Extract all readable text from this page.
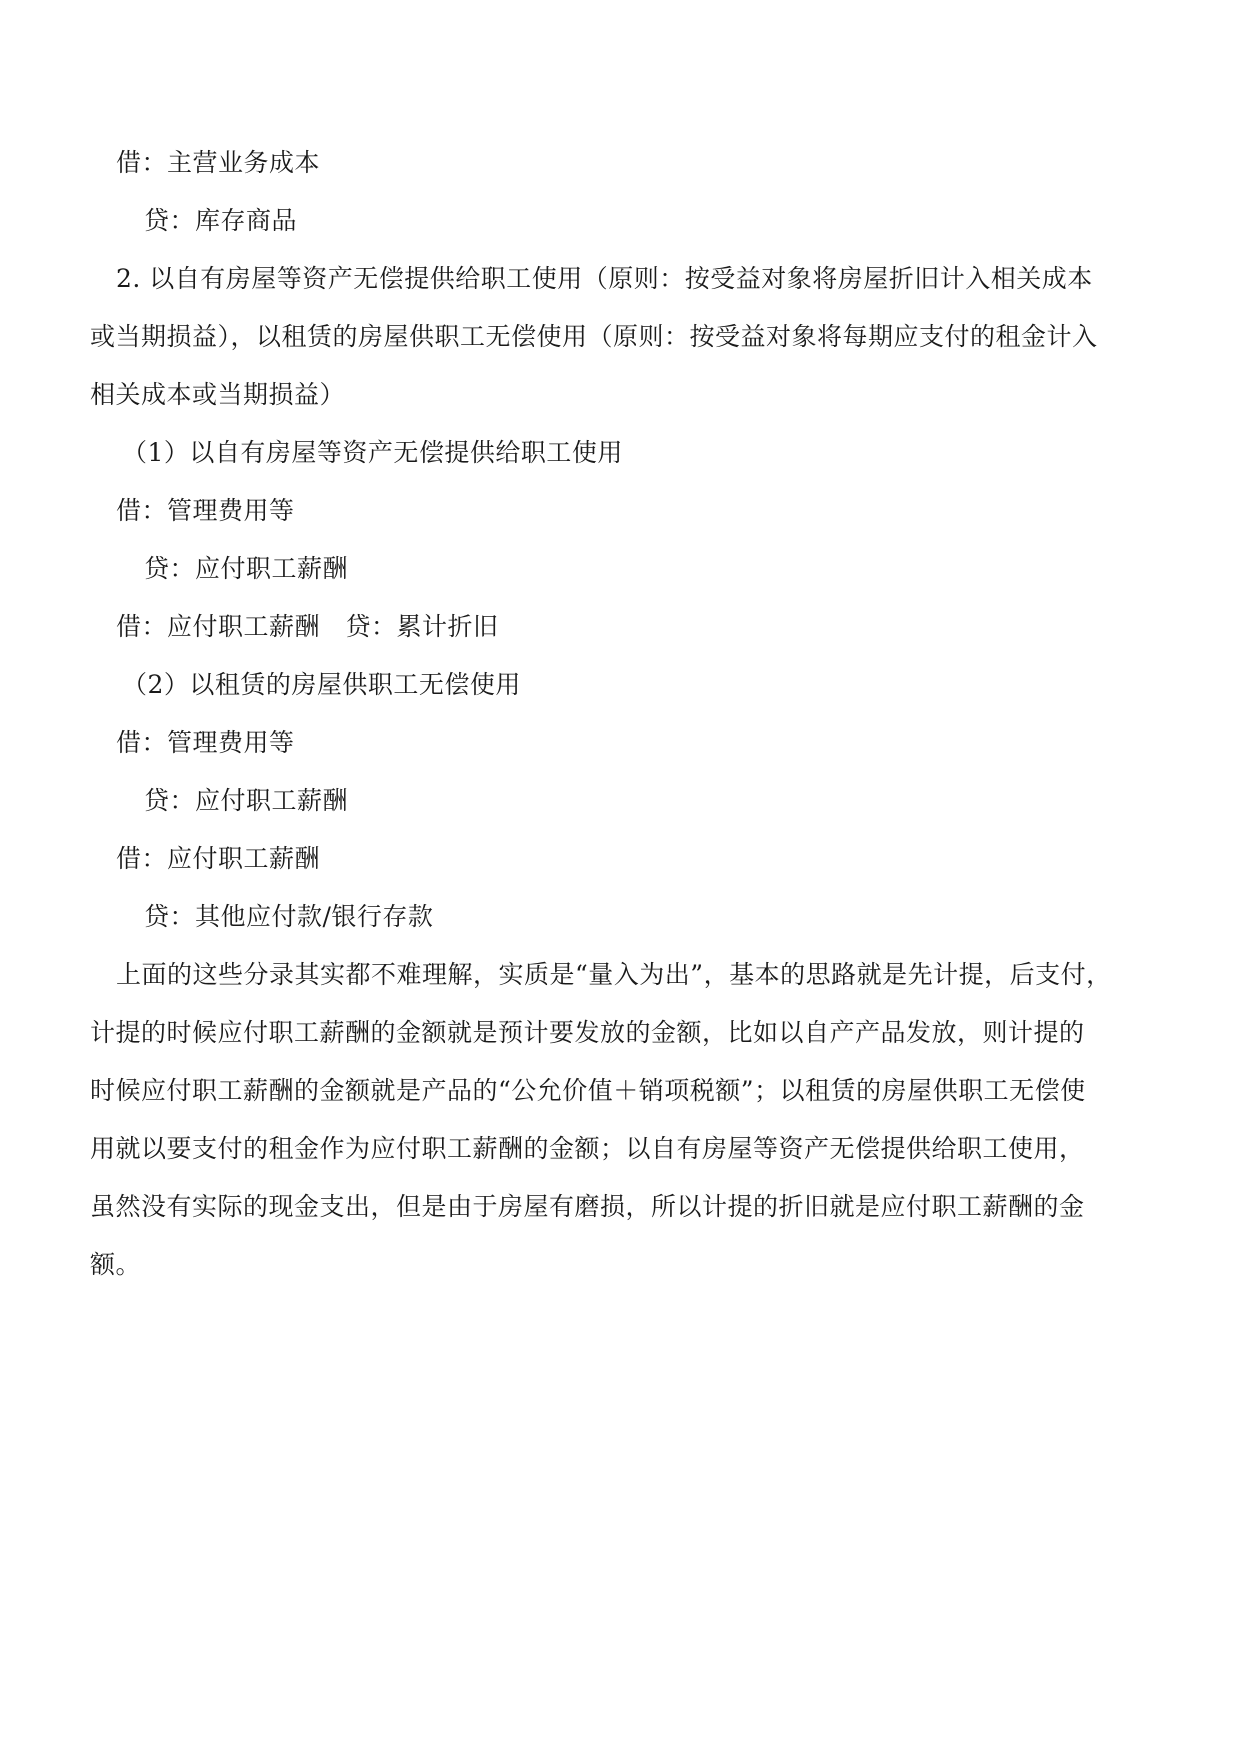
借：主营业务成本
贷：库存商品
2. 以自有房屋等资产无偿提供给职工使用（原则：按受益对象将房屋折旧计入相关成本
或当期损益），以租赁的房屋供职工无偿使用（原则：按受益对象将每期应支付的租金计入
相关成本或当期损益）
（1）以自有房屋等资产无偿提供给职工使用
借：管理费用等
贷：应付职工薪酬
借：应付职工薪酬　贷：累计折旧
（2）以租赁的房屋供职工无偿使用
借：管理费用等
贷：应付职工薪酬
借：应付职工薪酬
贷：其他应付款/银行存款
上面的这些分录其实都不难理解，实质是“量入为出”，基本的思路就是先计提，后支付，
计提的时候应付职工薪酬的金额就是预计要发放的金额，比如以自产产品发放，则计提的
时候应付职工薪酬的金额就是产品的“公允价值＋销项税额”；以租赁的房屋供职工无偿使
用就以要支付的租金作为应付职工薪酬的金额；以自有房屋等资产无偿提供给职工使用，
虽然没有实际的现金支出，但是由于房屋有磨损，所以计提的折旧就是应付职工薪酬的金
额。
